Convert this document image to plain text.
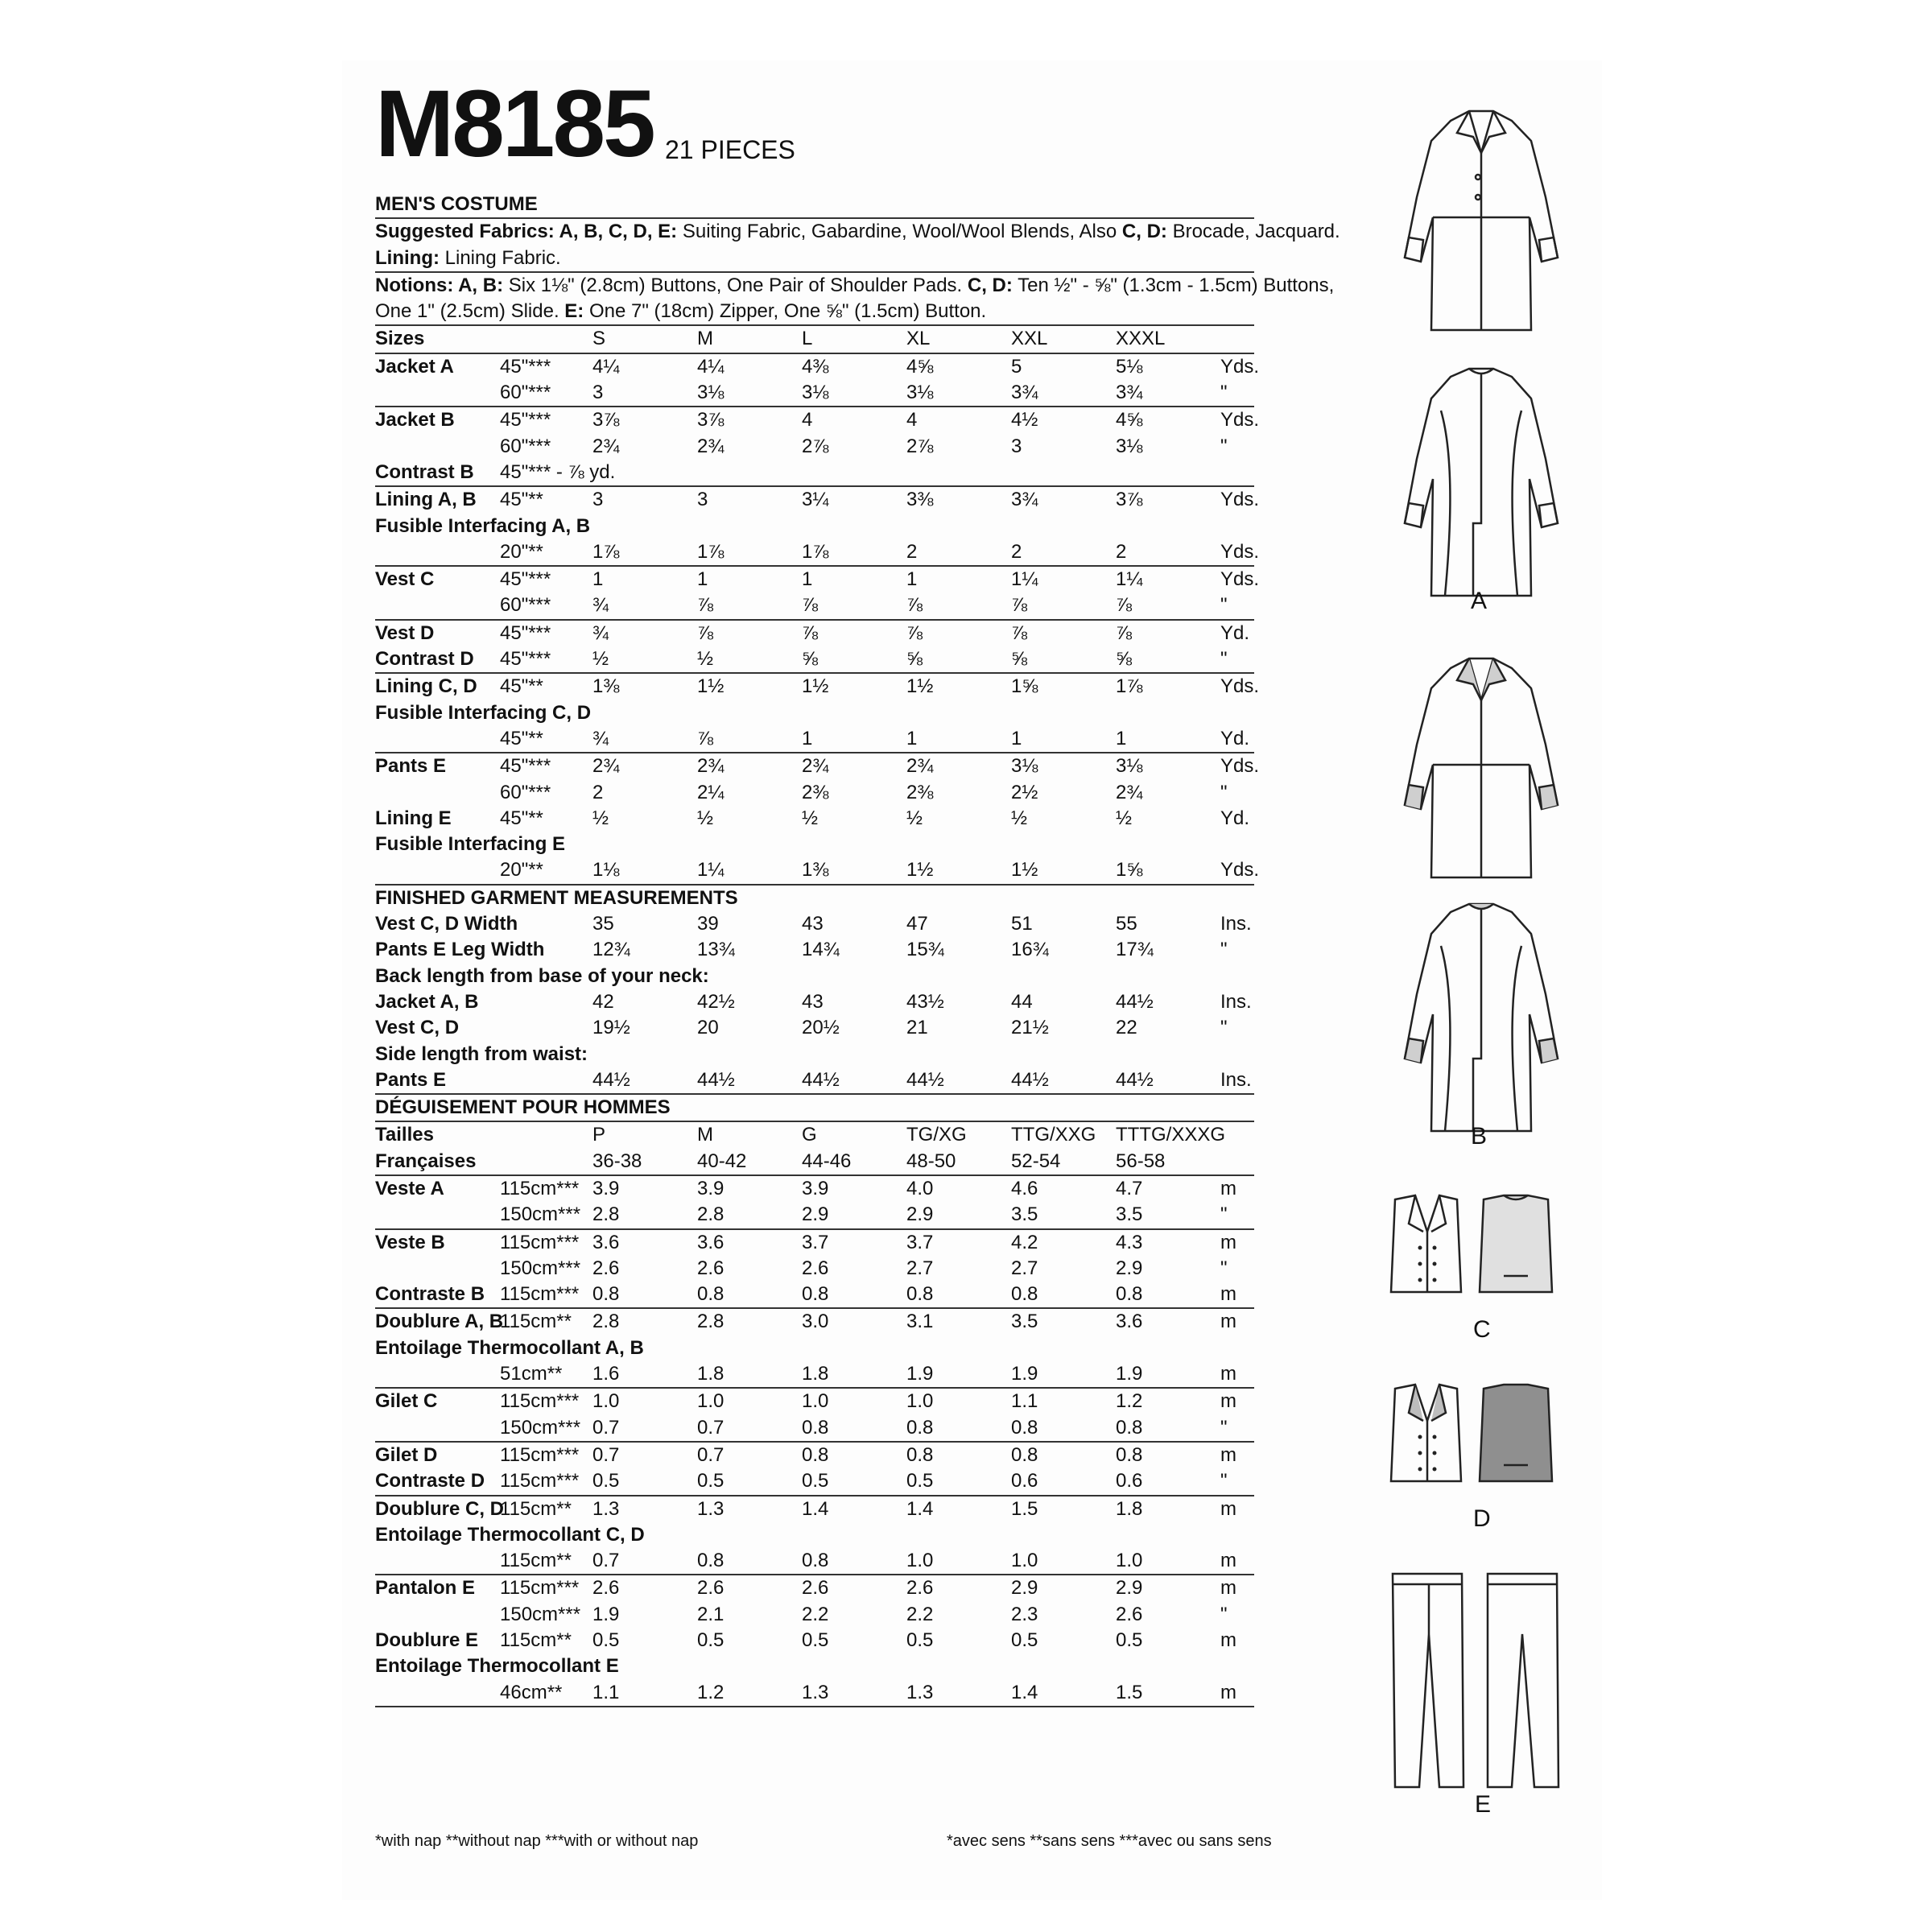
M8185 21 PIECES
MEN'S COSTUME
Suggested Fabrics: A, B, C, D, E: Suiting Fabric, Gabardine, Wool/Wool Blends, Also C, D: Brocade, Jacquard.
Lining: Lining Fabric.
Notions: A, B: Six 1⅛" (2.8cm) Buttons, One Pair of Shoulder Pads. C, D: Ten ½" - ⅝" (1.3cm - 1.5cm) Buttons,
One 1" (2.5cm) Slide. E: One 7" (18cm) Zipper, One ⅝" (1.5cm) Button.
Sizes	S	M	L	XL	XXL	XXXL
Jacket A	45"***	4¼	4¼	4⅜	4⅝	5	5⅛	Yds.
60"***	3	3⅛	3⅛	3⅛	3¾	3¾	"
Jacket B	45"***	3⅞	3⅞	4	4	4½	4⅝	Yds.
60"***	2¾	2¾	2⅞	2⅞	3	3⅛	"
Contrast B	45"*** - ⅞ yd.
Lining A, B	45"**	3	3	3¼	3⅜	3¾	3⅞	Yds.
Fusible Interfacing A, B
20"**	1⅞	1⅞	1⅞	2	2	2	Yds.
Vest C	45"***	1	1	1	1	1¼	1¼	Yds.
60"***	¾	⅞	⅞	⅞	⅞	⅞	"
Vest D	45"***	¾	⅞	⅞	⅞	⅞	⅞	Yd.
Contrast D	45"***	½	½	⅝	⅝	⅝	⅝	"
Lining C, D	45"**	1⅜	1½	1½	1½	1⅝	1⅞	Yds.
Fusible Interfacing C, D
45"**	¾	⅞	1	1	1	1	Yd.
Pants E	45"***	2¾	2¾	2¾	2¾	3⅛	3⅛	Yds.
60"***	2	2¼	2⅜	2⅜	2½	2¾	"
Lining E	45"**	½	½	½	½	½	½	Yd.
Fusible Interfacing E
20"**	1⅛	1¼	1⅜	1½	1½	1⅝	Yds.
FINISHED GARMENT MEASUREMENTS
Vest C, D Width	35	39	43	47	51	55	Ins.
Pants E Leg Width 12¾	13¾	14¾	15¾	16¾	17¾	"
Back length from base of your neck:
Jacket A, B	42	42½	43	43½	44	44½	Ins.
Vest C, D	19½	20	20½	21	21½	22	"
Side length from waist:
Pants E	44½	44½	44½	44½	44½	44½	Ins.
DÉGUISEMENT POUR HOMMES
Tailles	P	M	G	TG/XG	TTG/XXG	TTTG/XXXG
Françaises	36-38	40-42	44-46	48-50	52-54	56-58
Veste A	115cm*** 3.9	3.9	3.9	4.0	4.6	4.7	m
150cm*** 2.8	2.8	2.9	2.9	3.5	3.5	"
Veste B	115cm*** 3.6	3.6	3.7	3.7	4.2	4.3	m
150cm*** 2.6	2.6	2.6	2.7	2.7	2.9	"
Contraste B 115cm*** 0.8	0.8	0.8	0.8	0.8	0.8	m
Doublure A, B
115cm**	2.8	2.8	3.0	3.1	3.5	3.6	m
Entoilage Thermocollant A, B
51cm**	1.6	1.8	1.8	1.9	1.9	1.9	m
Gilet C	115cm*** 1.0	1.0	1.0	1.0	1.1	1.2	m
150cm*** 0.7	0.7	0.8	0.8	0.8	0.8	"
Gilet D	115cm*** 0.7	0.7	0.8	0.8	0.8	0.8	m
Contraste D 115cm*** 0.5	0.5	0.5	0.5	0.6	0.6	"
Doublure C, D
115cm**	1.3	1.3	1.4	1.4	1.5	1.8	m
Entoilage Thermocollant C, D
115cm**	0.7	0.8	0.8	1.0	1.0	1.0	m
Pantalon E	115cm*** 2.6	2.6	2.6	2.6	2.9	2.9	m
150cm*** 1.9	2.1	2.2	2.2	2.3	2.6	"
Doublure E	115cm**	0.5	0.5	0.5	0.5	0.5	0.5	m
Entoilage Thermocollant E
46cm**	1.1	1.2	1.3	1.3	1.4	1.5	m
*with nap **without nap ***with or without nap	*avec sens **sans sens ***avec ou sans sens
A
B
C
D
E
